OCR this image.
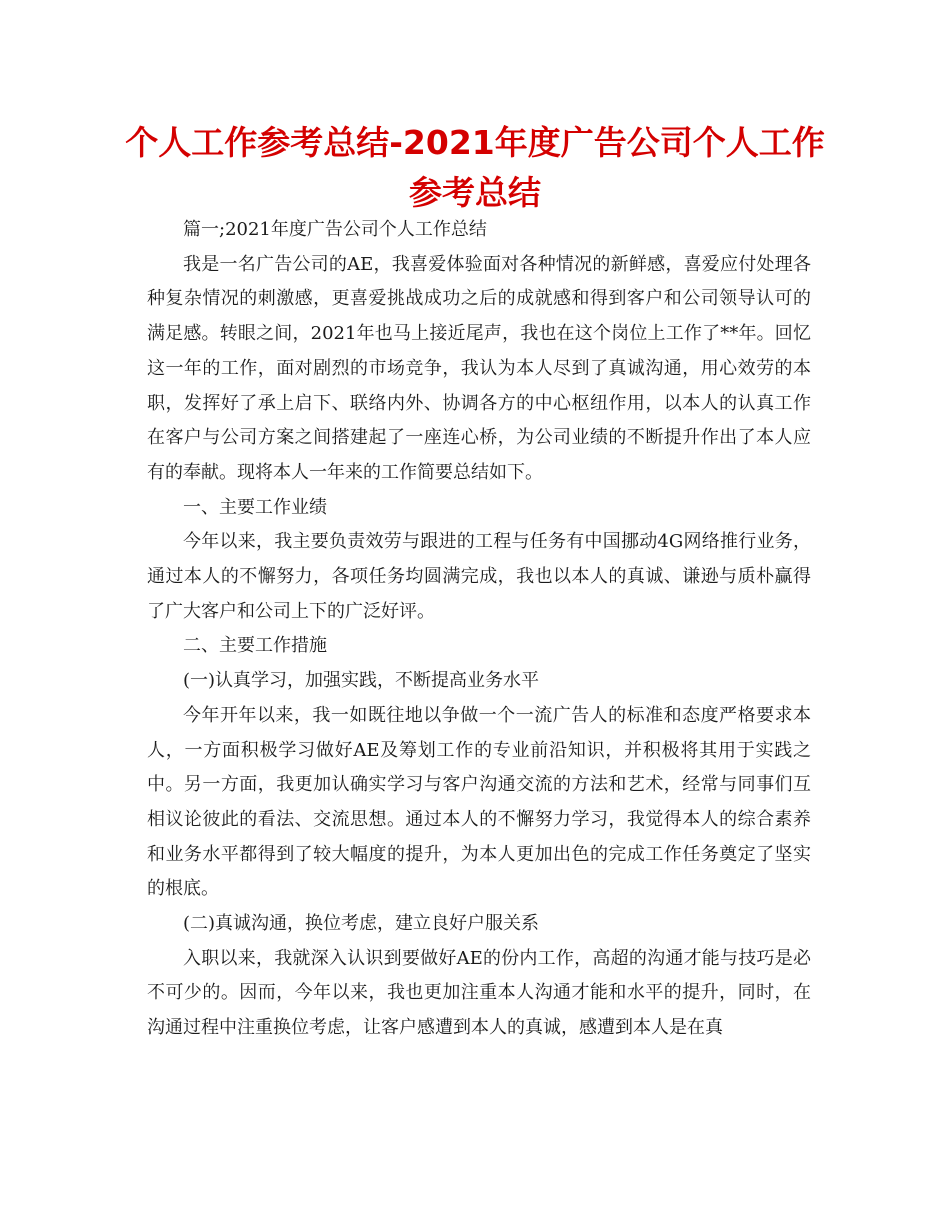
个人工作参考总结-2021年度广告公司个人工作参考总结

篇一;2021年度广告公司个人工作总结

我是一名广告公司的AE，我喜爱体验面对各种情况的新鲜感，喜爱应付处理各种复杂情况的刺激感，更喜爱挑战成功之后的成就感和得到客户和公司领导认可的满足感。转眼之间，2021年也马上接近尾声，我也在这个岗位上工作了**年。回忆这一年的工作，面对剧烈的市场竞争，我认为本人尽到了真诚沟通，用心效劳的本职，发挥好了承上启下、联络内外、协调各方的中心枢纽作用，以本人的认真工作在客户与公司方案之间搭建起了一座连心桥，为公司业绩的不断提升作出了本人应有的奉献。现将本人一年来的工作简要总结如下。

一、主要工作业绩

今年以来，我主要负责效劳与跟进的工程与任务有中国挪动4G网络推行业务，通过本人的不懈努力，各项任务均圆满完成，我也以本人的真诚、谦逊与质朴赢得了广大客户和公司上下的广泛好评。

二、主要工作措施

(一)认真学习，加强实践，不断提高业务水平

今年开年以来，我一如既往地以争做一个一流广告人的标准和态度严格要求本人，一方面积极学习做好AE及筹划工作的专业前沿知识，并积极将其用于实践之中。另一方面，我更加认确实学习与客户沟通交流的方法和艺术，经常与同事们互相议论彼此的看法、交流思想。通过本人的不懈努力学习，我觉得本人的综合素养和业务水平都得到了较大幅度的提升，为本人更加出色的完成工作任务奠定了坚实的根底。

(二)真诚沟通，换位考虑，建立良好户服关系

入职以来，我就深入认识到要做好AE的份内工作，高超的沟通才能与技巧是必不可少的。因而，今年以来，我也更加注重本人沟通才能和水平的提升，同时，在沟通过程中注重换位考虑，让客户感遭到本人的真诚，感遭到本人是在真
